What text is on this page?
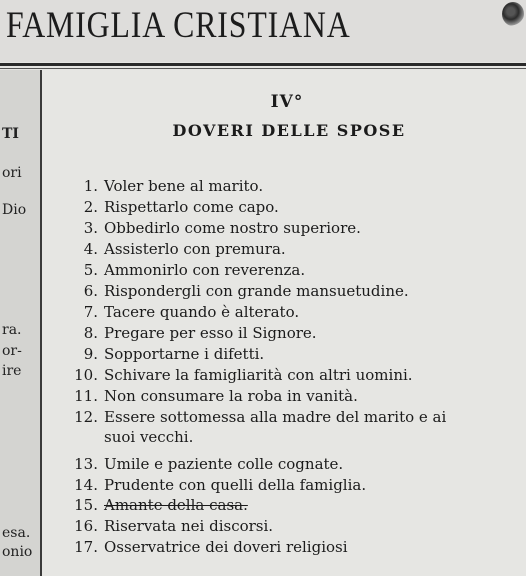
FAMIGLIA CRISTIANA
TI
ori
Dio
ra.
or-
ire
esa.
onio
IV°
DOVERI DELLE SPOSE
1. Voler bene al marito.
2. Rispettarlo come capo.
3. Obbedirlo come nostro superiore.
4. Assisterlo con premura.
5. Ammonirlo con reverenza.
6. Rispondergli con grande mansuetudine.
7. Tacere quando è alterato.
8. Pregare per esso il Signore.
9. Sopportarne i difetti.
10. Schivare la famigliarità con altri uomini.
11. Non consumare la roba in vanità.
12. Essere sottomessa alla madre del marito e ai
suoi vecchi.
13. Umile e paziente colle cognate.
14. Prudente con quelli della famiglia.
15. Amante della casa.
16. Riservata nei discorsi.
17. Osservatrice dei doveri religiosi
